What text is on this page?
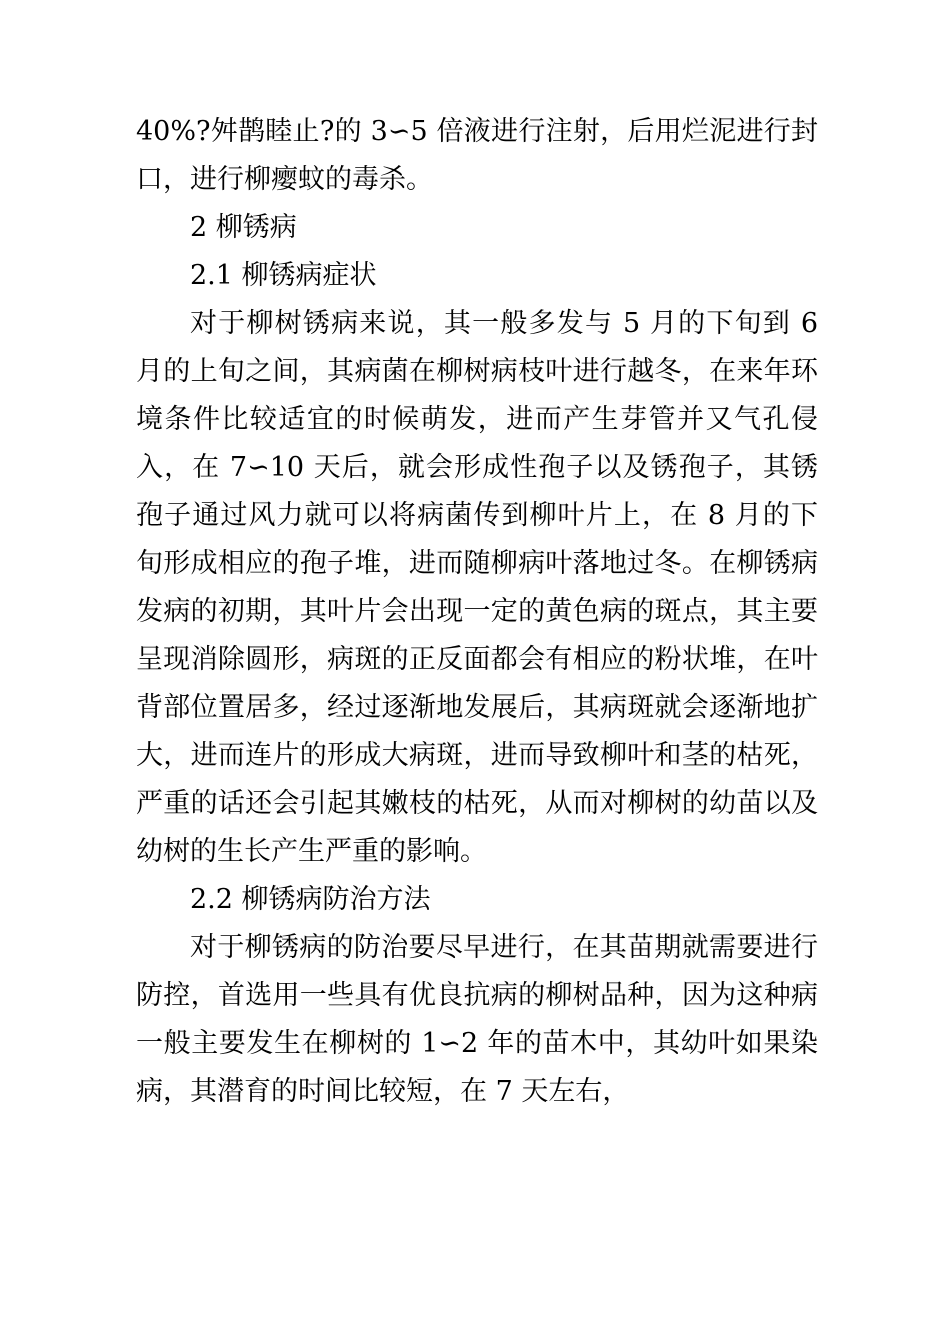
40%?舛鹊睦止?的 3∽5 倍液进行注射，后用烂泥进行封口，进行柳瘿蚊的毒杀。

2 柳锈病
2.1 柳锈病症状

对于柳树锈病来说，其一般多发与 5 月的下旬到 6 月的上旬之间，其病菌在柳树病枝叶进行越冬，在来年环境条件比较适宜的时候萌发，进而产生芽管并又气孔侵入，在 7∽10 天后，就会形成性孢子以及锈孢子，其锈孢子通过风力就可以将病菌传到柳叶片上，在 8 月的下旬形成相应的孢子堆，进而随柳病叶落地过冬。在柳锈病发病的初期，其叶片会出现一定的黄色病的斑点，其主要呈现消除圆形，病斑的正反面都会有相应的粉状堆，在叶背部位置居多，经过逐渐地发展后，其病斑就会逐渐地扩大，进而连片的形成大病斑，进而导致柳叶和茎的枯死，严重的话还会引起其嫩枝的枯死，从而对柳树的幼苗以及幼树的生长产生严重的影响。

2.2 柳锈病防治方法

对于柳锈病的防治要尽早进行，在其苗期就需要进行防控，首选用一些具有优良抗病的柳树品种，因为这种病一般主要发生在柳树的 1∽2 年的苗木中，其幼叶如果染病，其潜育的时间比较短，在 7 天左右，
